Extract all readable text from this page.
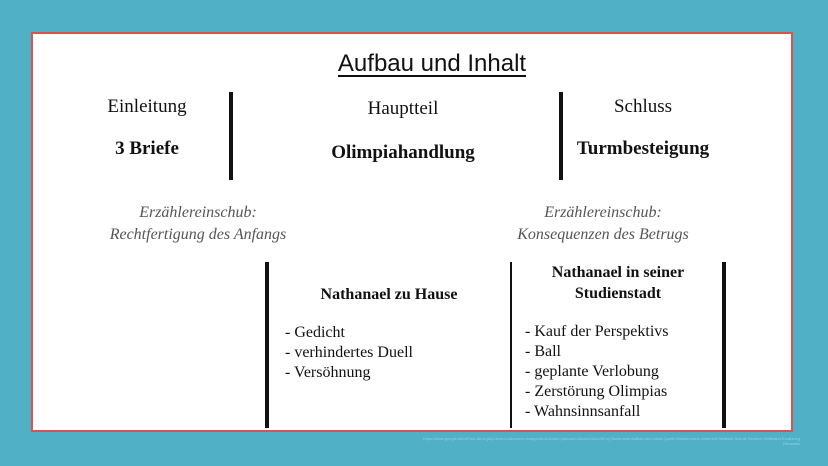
Aufbau und Inhalt
Einleitung	Hauptteil	Schluss
3 Briefe	Olimpiahandlung	Turmbesteigung
Erzählereinschub:
Rechtfertigung des Anfangs
Erzählereinschub:
Konsequenzen des Betrugs
Nathanael zu Hause
- Gedicht
- verhindertes Duell
- Versöhnung
Nathanael in seiner
Studienstadt
- Kauf der Perspektivs
- Ball
- geplante Verlobung
- Zerstörung Olimpias
- Wahnsinnsanfall
https://www.google.de/url?sa=i&rct=j&q=&esrc=s&source=images&cd=&cad=rja&uact=8&ved=0ahUKEwj Sandmann Aufbau und Inhalt Quelle Bildnachweis Unterricht Material Schule Deutsch Hoffmann Erzählung Romantik
